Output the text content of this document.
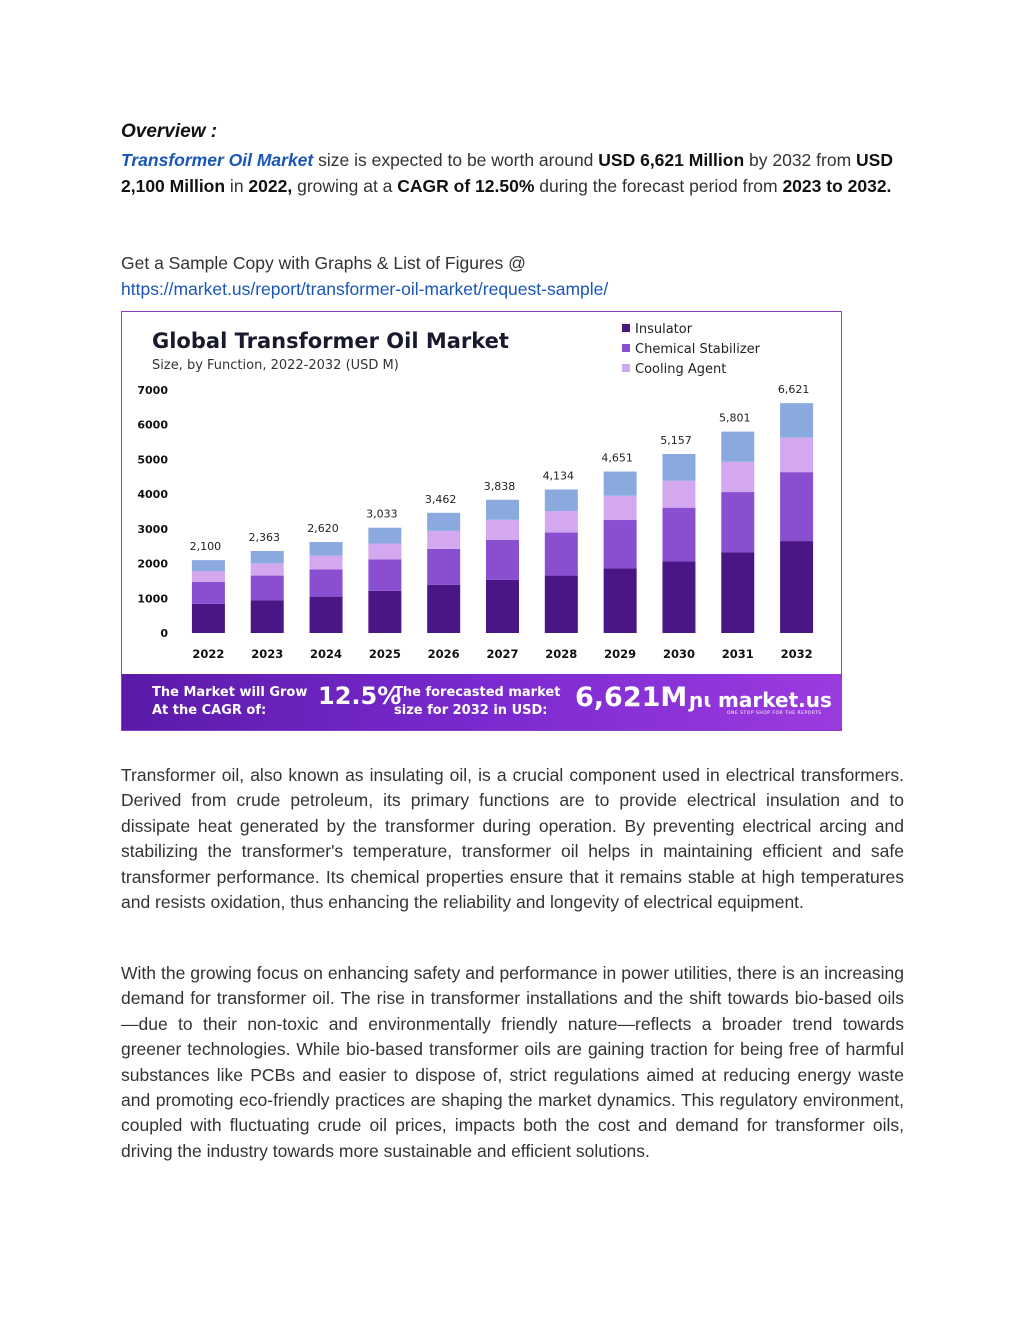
Overview :
Transformer Oil Market size is expected to be worth around USD 6,621 Million by 2032 from USD 2,100 Million in 2022, growing at a CAGR of 12.50% during the forecast period from 2023 to 2032.
Get a Sample Copy with Graphs & List of Figures @
https://market.us/report/transformer-oil-market/request-sample/
Global Transformer Oil Market
Size, by Function, 2022-2032 (USD M)
0
1000
2000
3000
4000
5000
6000
7000
Insulator
Chemical Stabilizer
Cooling Agent
2,100
2022
2,363
2023
2,620
2024
3,033
2025
3,462
2026
3,838
2027
4,134
2028
4,651
2029
5,157
2030
5,801
2031
6,621
2032
The Market will Grow At the CAGR of:
12.5%
The forecasted market size for 2032 in USD:	6,621M ɲɩ market.us
ONE STOP SHOP FOR THE REPORTS

Transformer oil, also known as insulating oil, is a crucial component used in electrical transformers. Derived from crude petroleum, its primary functions are to provide electrical insulation and to dissipate heat generated by the transformer during operation. By preventing electrical arcing and stabilizing the transformer's temperature, transformer oil helps in maintaining efficient and safe transformer performance. Its chemical properties ensure that it remains stable at high temperatures and resists oxidation, thus enhancing the reliability and longevity of electrical equipment.

With the growing focus on enhancing safety and performance in power utilities, there is an increasing demand for transformer oil. The rise in transformer installations and the shift towards bio-based oils—due to their non-toxic and environmentally friendly nature—reflects a broader trend towards greener technologies. While bio-based transformer oils are gaining traction for being free of harmful substances like PCBs and easier to dispose of, strict regulations aimed at reducing energy waste and promoting eco-friendly practices are shaping the market dynamics. This regulatory environment, coupled with fluctuating crude oil prices, impacts both the cost and demand for transformer oils, driving the industry towards more sustainable and efficient solutions.
